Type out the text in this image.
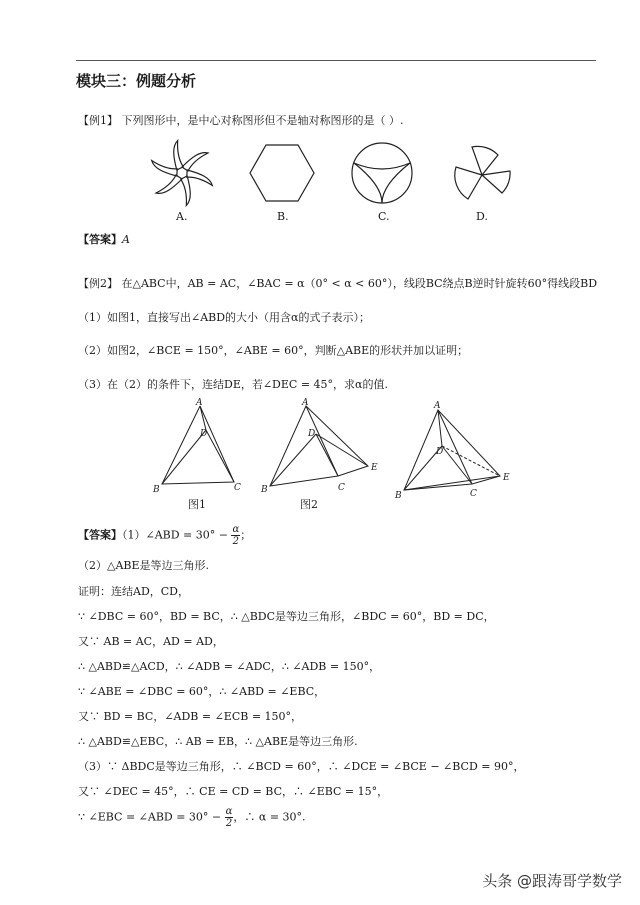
模块三：例题分析
【例1】 下列图形中，是中心对称图形但不是轴对称图形的是（ ）.
A.	B.	C.	D.
【答案】A
【例2】 在△ABC中，AB = AC，∠BAC = α（0° < α < 60°），线段BC绕点B逆时针旋转60°得线段BD
（1）如图1，直接写出∠ABD的大小（用含α的式子表示）；
（2）如图2，∠BCE = 150°，∠ABE = 60°，判断△ABE的形状并加以证明；
（3）在（2）的条件下，连结DE，若∠DEC = 45°，求α的值.
A
D
B	C
A
D
B	C
E
A
D
B	C
E
图1	图2
【答案】（1）∠ABD = $30^\circ - \frac{\alpha}{2}$ ；
（2）△ABE是等边三角形.
证明：连结AD，CD，
∵ ∠DBC = 60°，BD = BC，∴ △BDC是等边三角形，∠BDC = 60°，BD = DC，
又∵ AB = AC，AD = AD，
∴ △ABD≌△ACD，∴ ∠ADB = ∠ADC，∴ ∠ADB = 150°，
∵ ∠ABE = ∠DBC = 60°，∴ ∠ABD = ∠EBC，
又∵ BD = BC，∠ADB = ∠ECB = 150°，
∴ △ABD≌△EBC，∴ AB = EB，∴ △ABE是等边三角形.
（3）∵ ΔBDC是等边三角形，∴ ∠BCD = 60°，∴ ∠DCE = ∠BCE − ∠BCD = 90°，
又∵ ∠DEC = 45°，∴ CE = CD = BC，∴ ∠EBC = 15°，
∵ ∠EBC = ∠ABD = $30^\circ - \frac{\alpha}{2}$ ，∴ α = 30°.
头条 @跟涛哥学数学
